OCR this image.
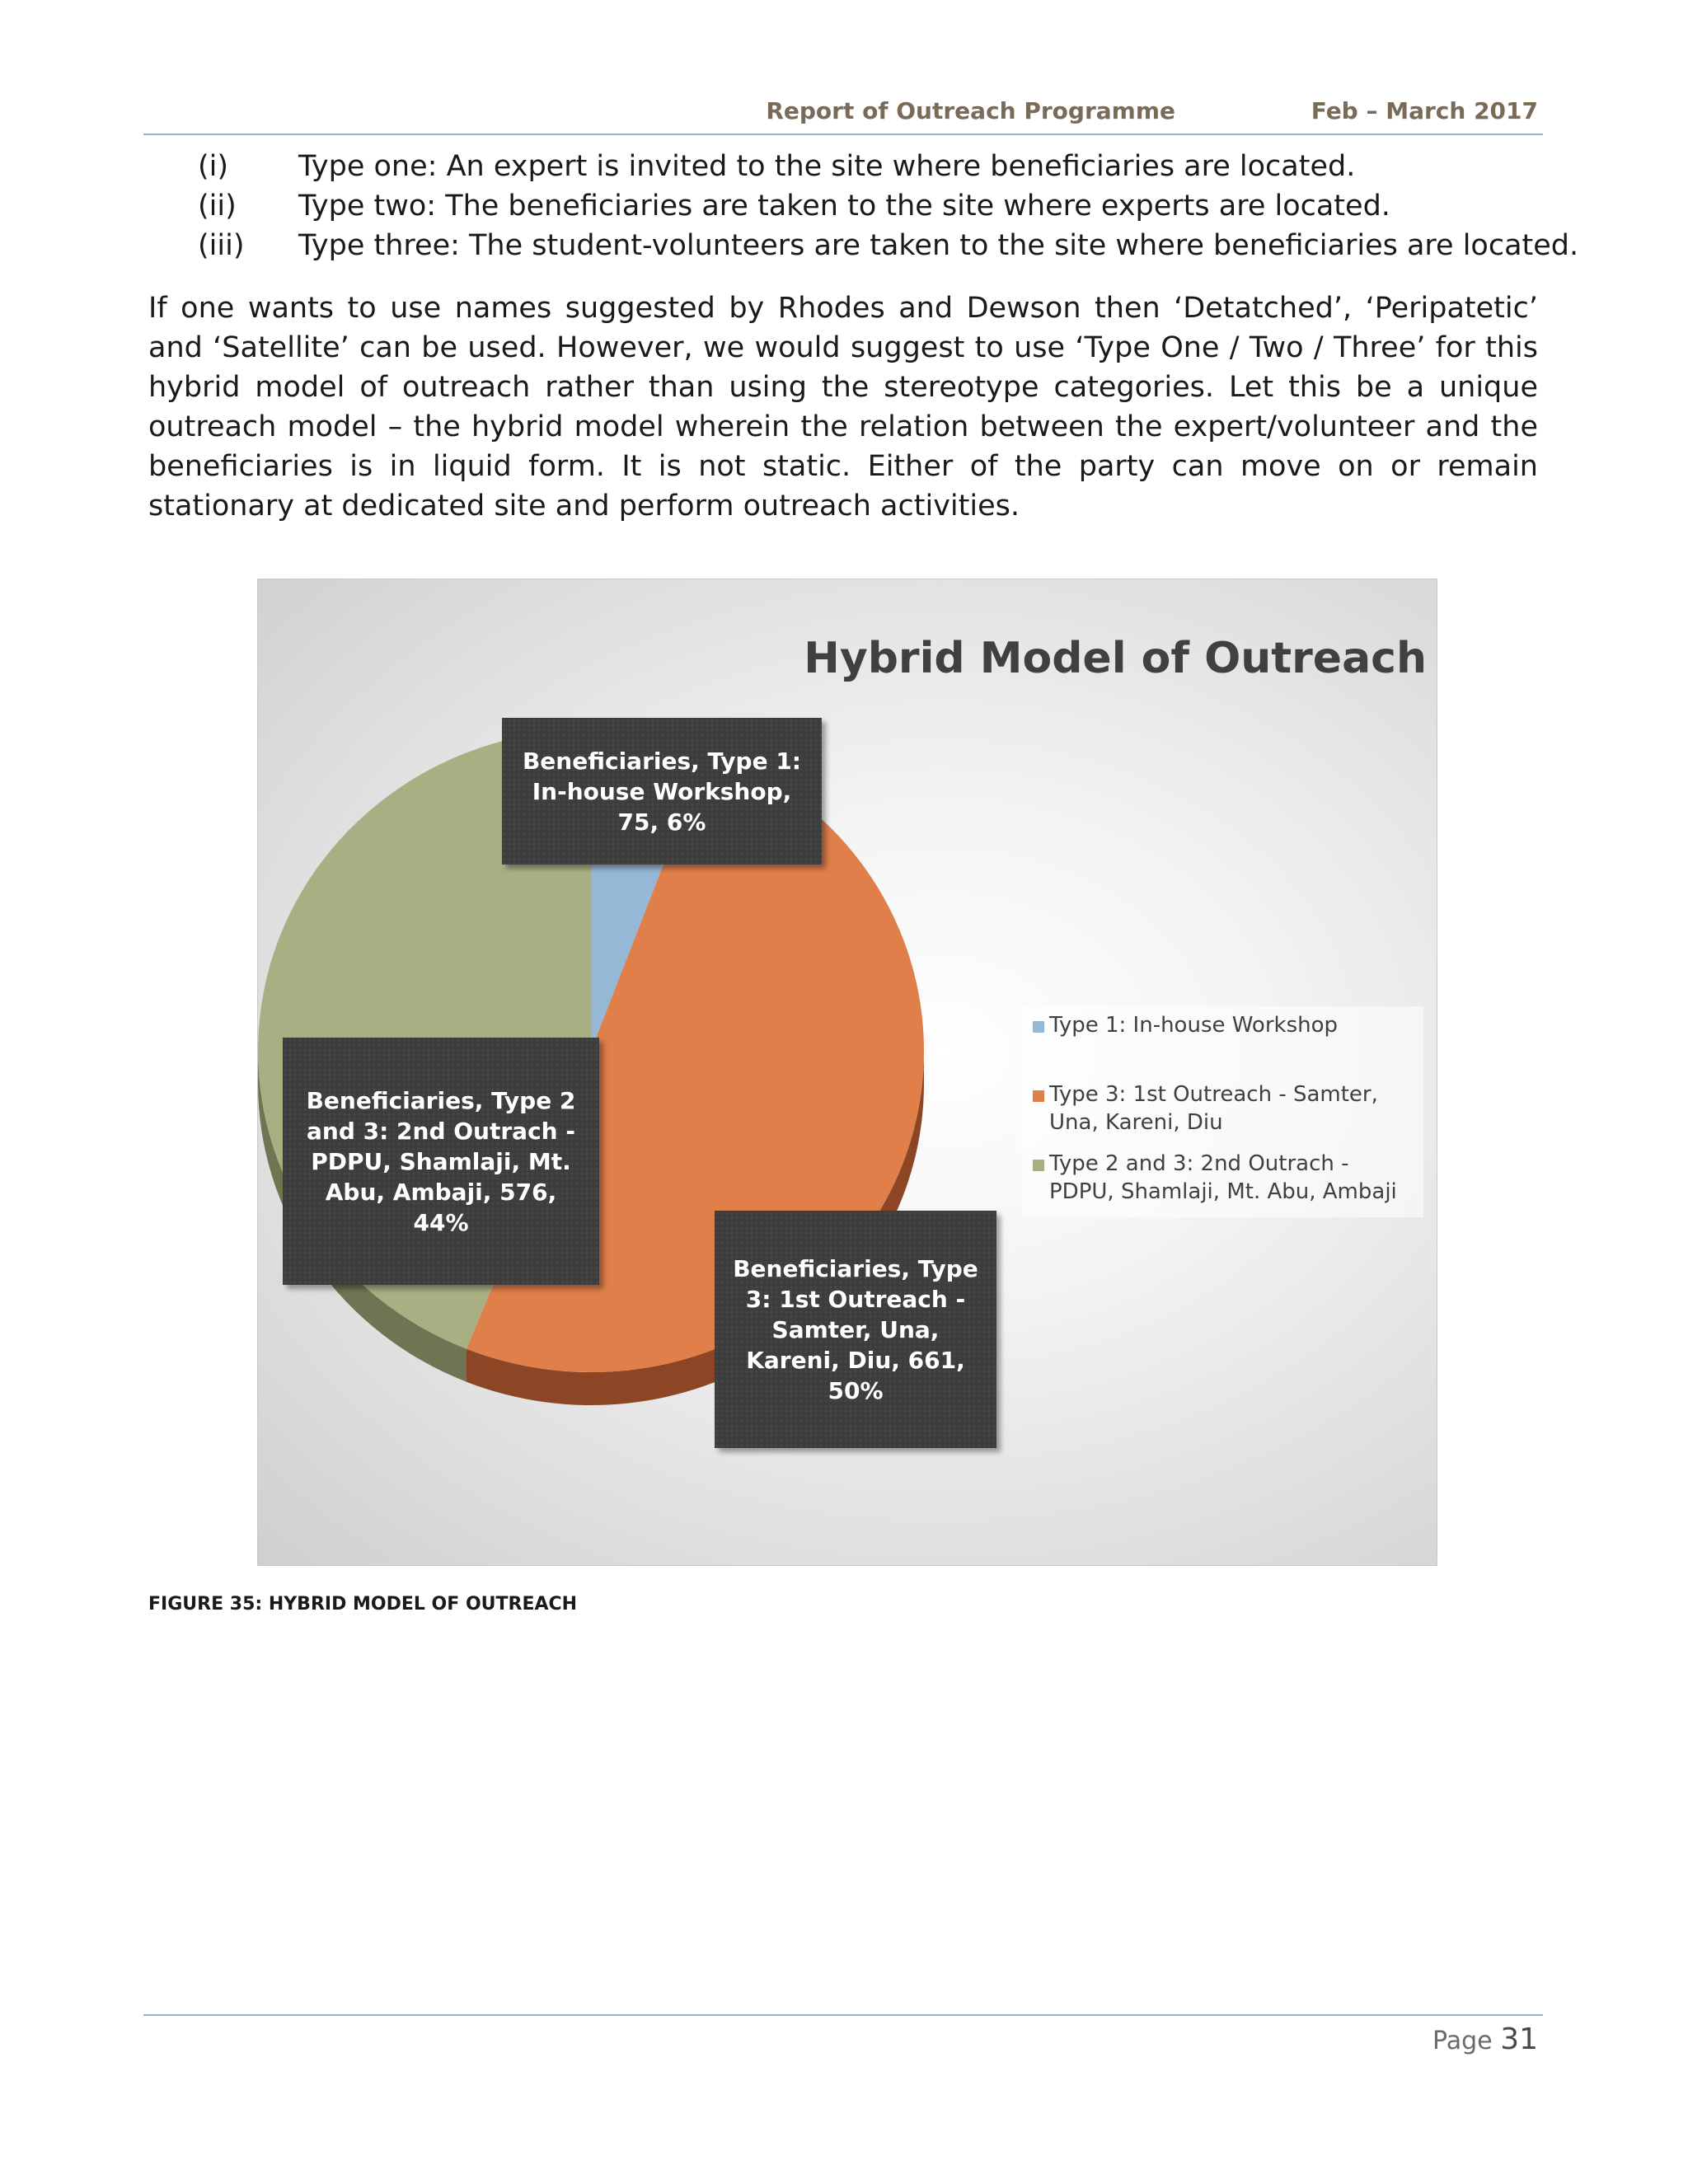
Report of Outreach Programme	Feb – March 2017
(i) Type one: An expert is invited to the site where beneficiaries are located.
(ii) Type two: The beneficiaries are taken to the site where experts are located.
(iii) Type three: The student-volunteers are taken to the site where beneficiaries are located.
If one wants to use names suggested by Rhodes and Dewson then ‘Detatched’, ‘Peripatetic’ and ‘Satellite’ can be used. However, we would suggest to use ‘Type One / Two / Three’ for this hybrid model of outreach rather than using the stereotype categories. Let this be a unique outreach model – the hybrid model wherein the relation between the expert/volunteer and the beneficiaries is in liquid form. It is not static. Either of the party can move on or remain stationary at dedicated site and perform outreach activities.
Hybrid Model of Outreach
Beneficiaries, Type 1: In-house Workshop, 75, 6%
Beneficiaries, Type 2 and 3: 2nd Outrach - PDPU, Shamlaji, Mt. Abu, Ambaji, 576, 44%
Beneficiaries, Type 3: 1st Outreach - Samter, Una, Kareni, Diu, 661, 50%
Type 1: In-house Workshop
Type 3: 1st Outreach - Samter, Una, Kareni, Diu
Type 2 and 3: 2nd Outrach - PDPU, Shamlaji, Mt. Abu, Ambaji
FIGURE 35: HYBRID MODEL OF OUTREACH
Page 31
